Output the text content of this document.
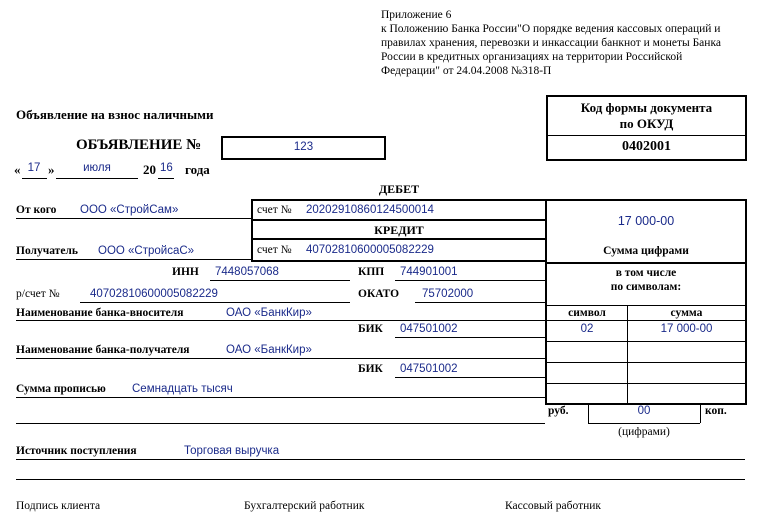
Приложение 6
к Положению Банка России"О порядке ведения кассовых операций и
правилах хранения, перевозки и инкассации банкнот и монеты Банка
России в кредитных организациях на территории Российской
Федерации" от 24.04.2008 №318-П
Код формы документа
по ОКУД
0402001
Объявление на взнос наличными
ОБЪЯВЛЕНИЕ №	123
« 17 »	июля	20 16 года
ДЕБЕТ
От кого ООО «СтройСам»	счет № 20202910860124500014
КРЕДИТ
Получатель ООО «СтройсаС»	счет № 40702810600005082229
17 000-00
Сумма цифрами
ИНН 7448057068	КПП 744901001
р/счет №	40702810600005082229	ОКАТО 75702000
Наименование банка-вносителя	ОАО «БанкКир»
БИК 047501002
Наименование банка-получателя	ОАО «БанкКир»
БИК 047501002
Сумма прописью Семнадцать тысяч
в том числе
по символам:
символ	сумма
02	17 000-00
руб.	00	коп.
(цифрами)
Источник поступления	Торговая выручка
Подпись клиента	Бухгалтерский работник	Кассовый работник
